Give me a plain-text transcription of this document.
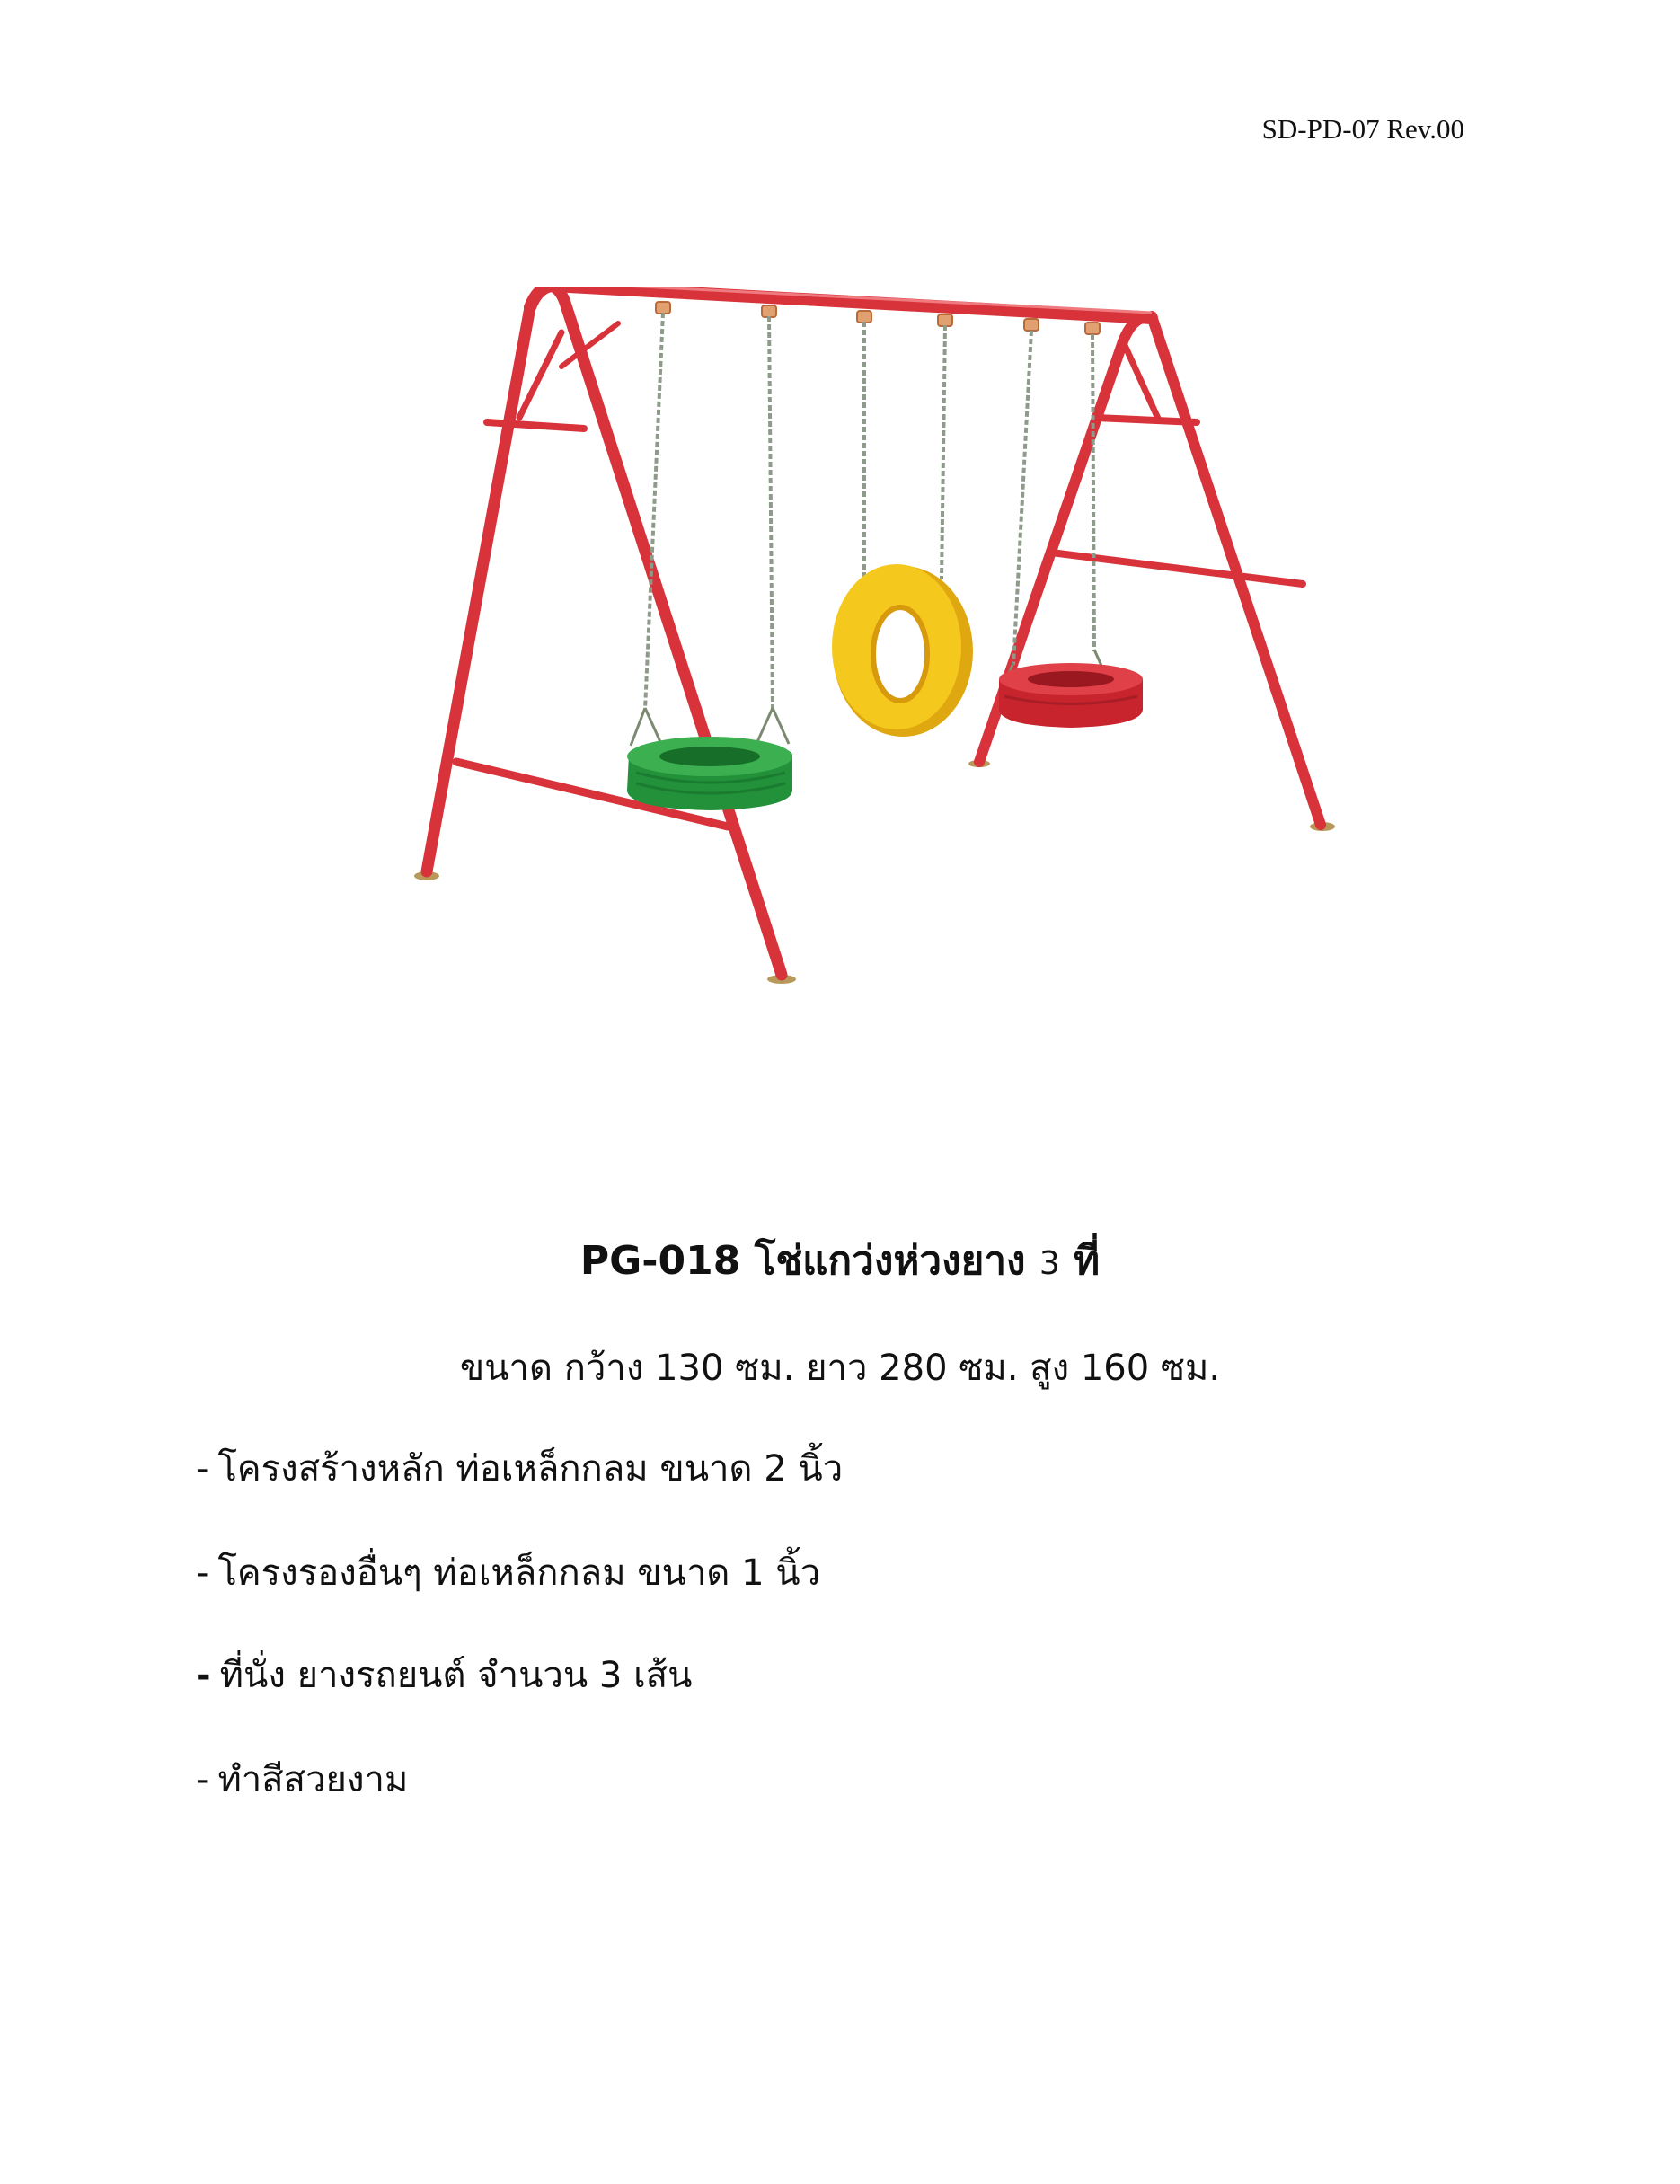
SD-PD-07 Rev.00
PG-018 โช่แกว่งห่วงยาง 3 ที่
ขนาด กว้าง 130 ซม. ยาว 280 ซม. สูง 160 ซม.
- โครงสร้างหลัก ท่อเหล็กกลม ขนาด 2 นิ้ว
- โครงรองอื่นๆ ท่อเหล็กกลม ขนาด 1 นิ้ว
- ที่นั่ง ยางรถยนต์ จำนวน 3 เส้น
- ทำสีสวยงาม
